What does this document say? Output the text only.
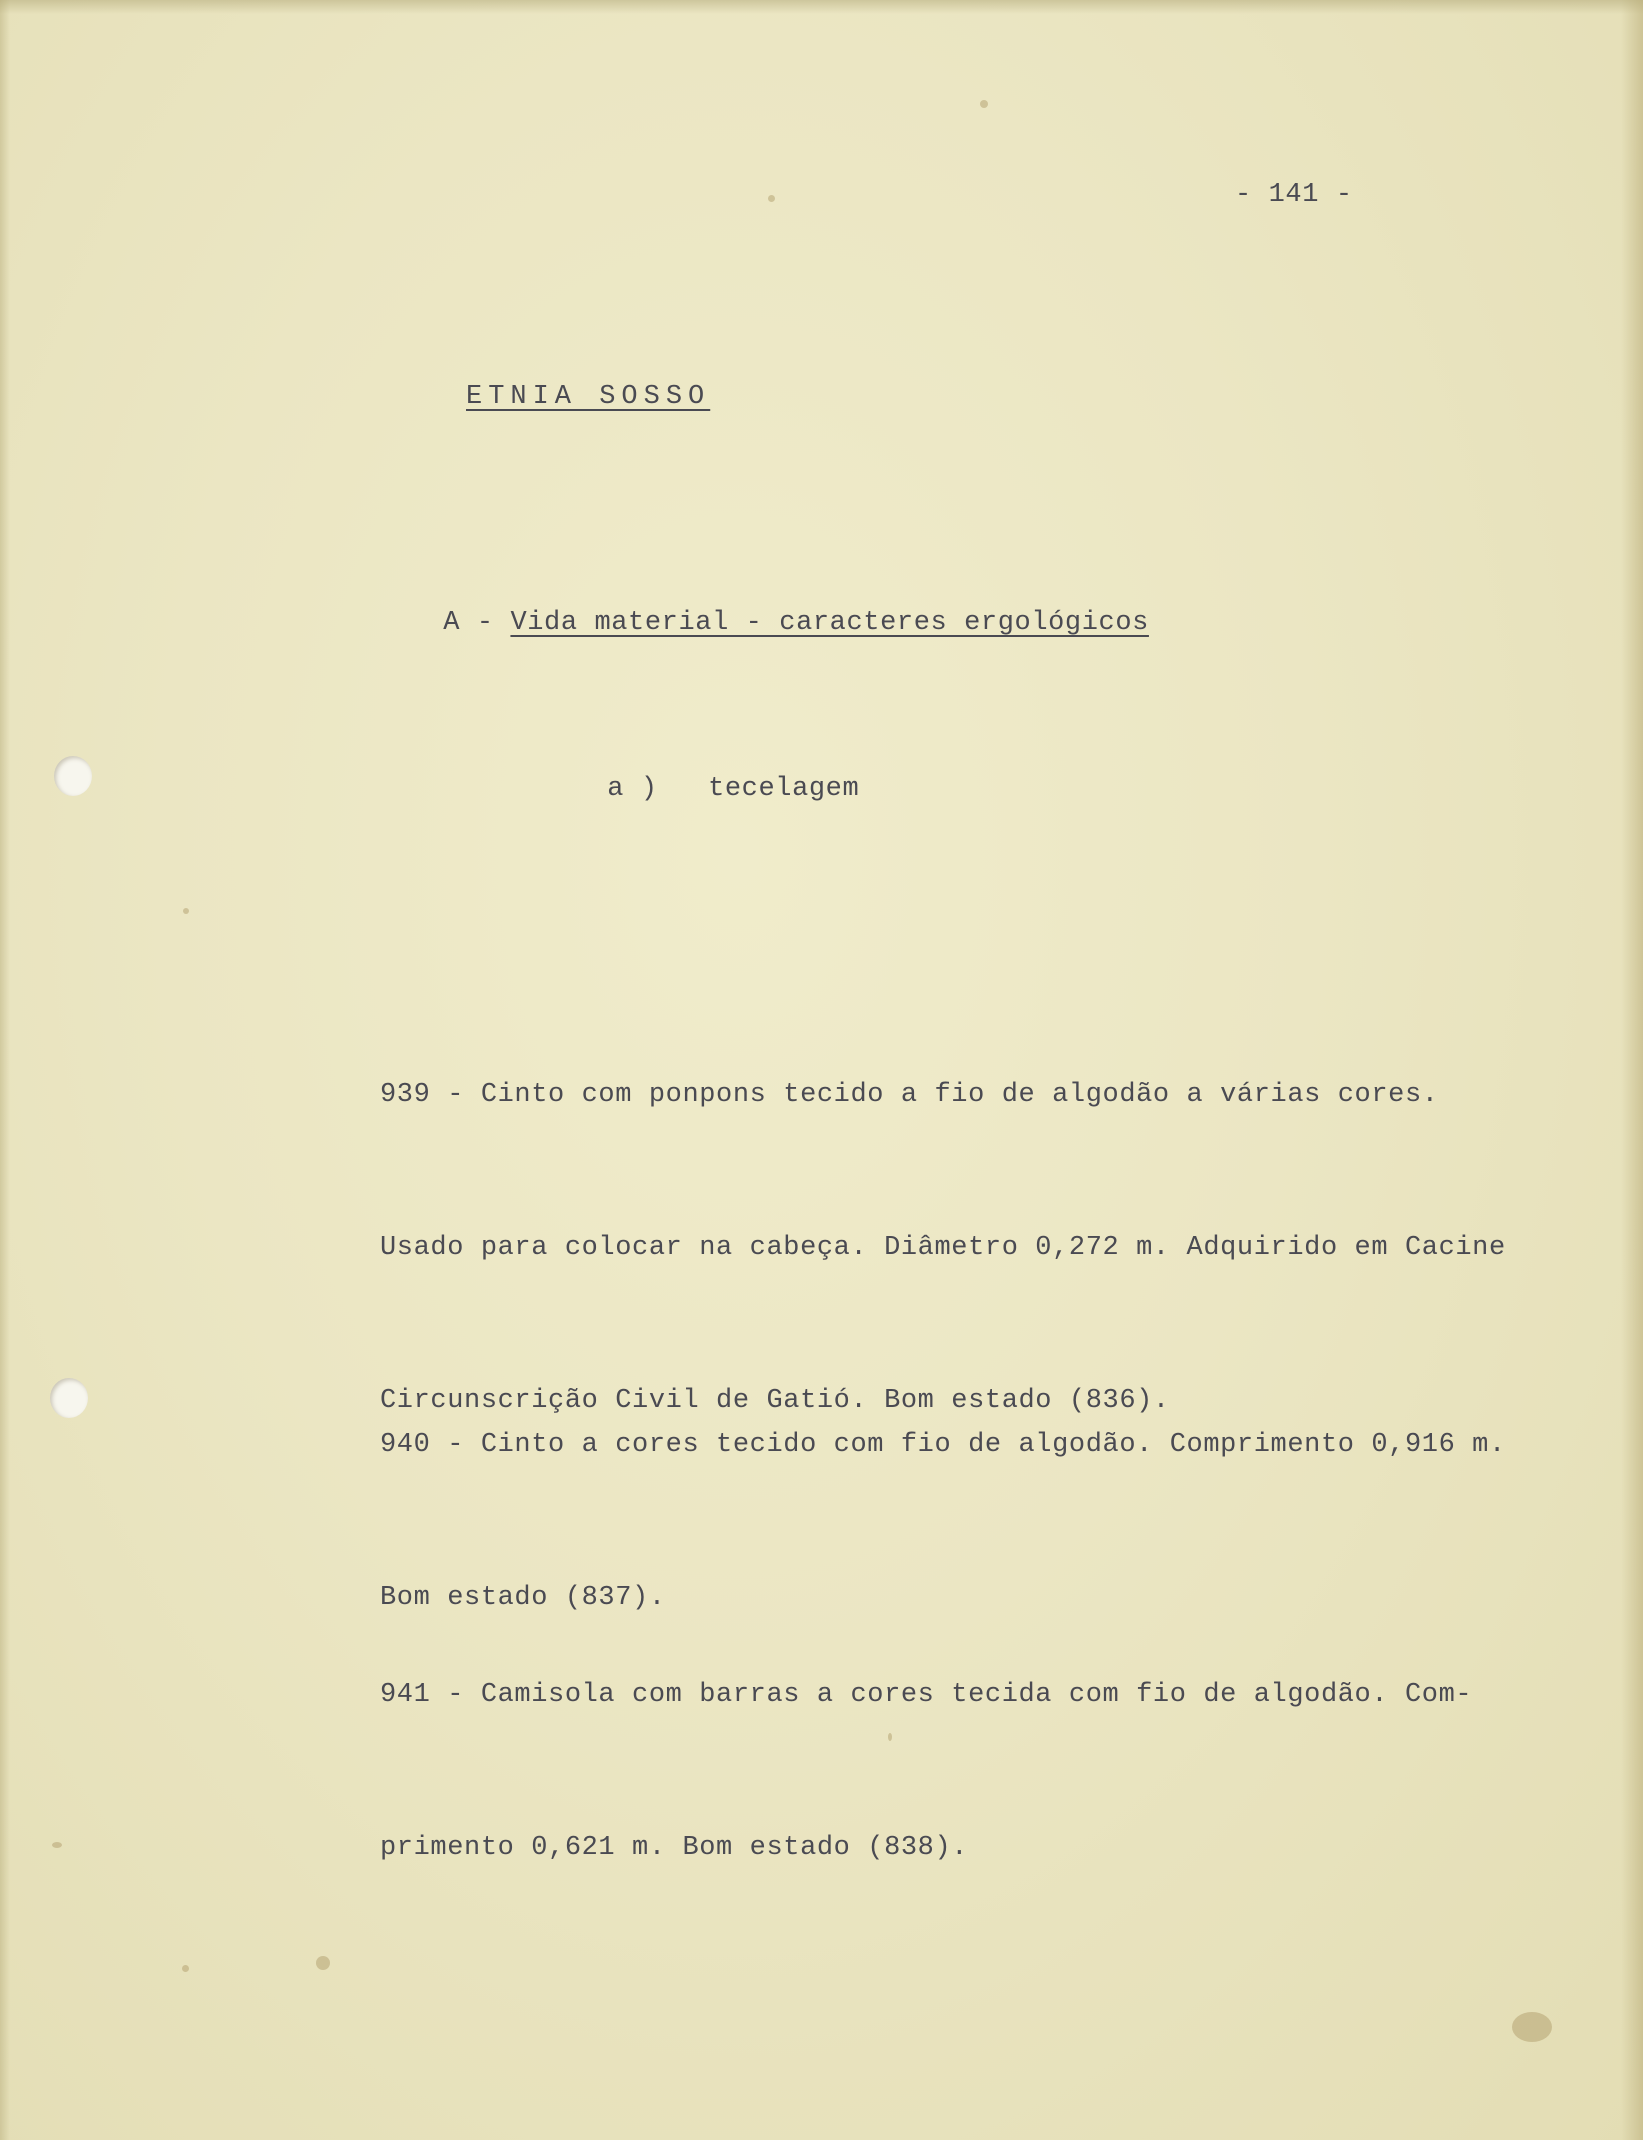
- 141 -
ETNIA SOSSO

A - Vida material - caracteres ergológicos

a ) tecelagem

939 - Cinto com ponpons tecido a fio de algodão a várias cores.

Usado para colocar na cabeça. Diâmetro 0,272 m. Adquirido em Cacine

Circunscrição Civil de Gatió. Bom estado (836).

940 - Cinto a cores tecido com fio de algodão. Comprimento 0,916 m.

Bom estado (837).

941 - Camisola com barras a cores tecida com fio de algodão. Com-

primento 0,621 m. Bom estado (838).
